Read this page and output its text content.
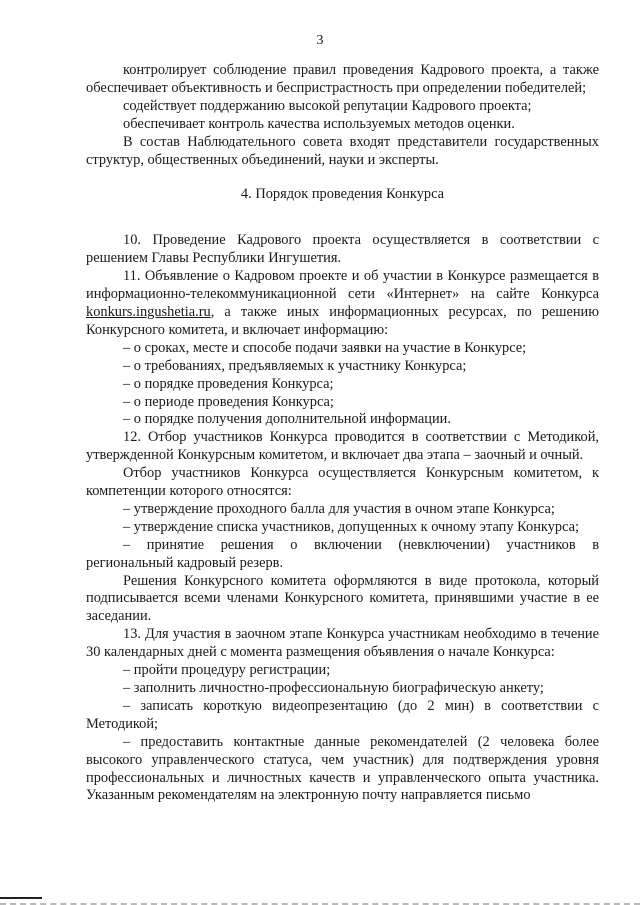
3

контролирует соблюдение правил проведения Кадрового проекта, а также обеспечивает объективность и беспристрастность при определении победителей;

содействует поддержанию высокой репутации Кадрового проекта;

обеспечивает контроль качества используемых методов оценки.

В состав Наблюдательного совета входят представители государственных структур, общественных объединений, науки и эксперты.

4. Порядок проведения Конкурса

10. Проведение Кадрового проекта осуществляется в соответствии с решением Главы Республики Ингушетия.

11. Объявление о Кадровом проекте и об участии в Конкурсе размещается в информационно-телекоммуникационной сети «Интернет» на сайте Конкурса konkurs.ingushetia.ru, а также иных информационных ресурсах, по решению Конкурсного комитета, и включает информацию:

– о сроках, месте и способе подачи заявки на участие в Конкурсе;

– о требованиях, предъявляемых к участнику Конкурса;

– о порядке проведения Конкурса;

– о периоде проведения Конкурса;

– о порядке получения дополнительной информации.

12. Отбор участников Конкурса проводится в соответствии с Методикой, утвержденной Конкурсным комитетом, и включает два этапа – заочный и очный.

Отбор участников Конкурса осуществляется Конкурсным комитетом, к компетенции которого относятся:

– утверждение проходного балла для участия в очном этапе Конкурса;

– утверждение списка участников, допущенных к очному этапу Конкурса;

– принятие решения о включении (невключении) участников в региональный кадровый резерв.

Решения Конкурсного комитета оформляются в виде протокола, который подписывается всеми членами Конкурсного комитета, принявшими участие в ее заседании.

13. Для участия в заочном этапе Конкурса участникам необходимо в течение 30 календарных дней с момента размещения объявления о начале Конкурса:

– пройти процедуру регистрации;

– заполнить личностно-профессиональную биографическую анкету;

– записать короткую видеопрезентацию (до 2 мин) в соответствии с Методикой;

– предоставить контактные данные рекомендателей (2 человека более высокого управленческого статуса, чем участник) для подтверждения уровня профессиональных и личностных качеств и управленческого опыта участника. Указанным рекомендателям на электронную почту направляется письмо
